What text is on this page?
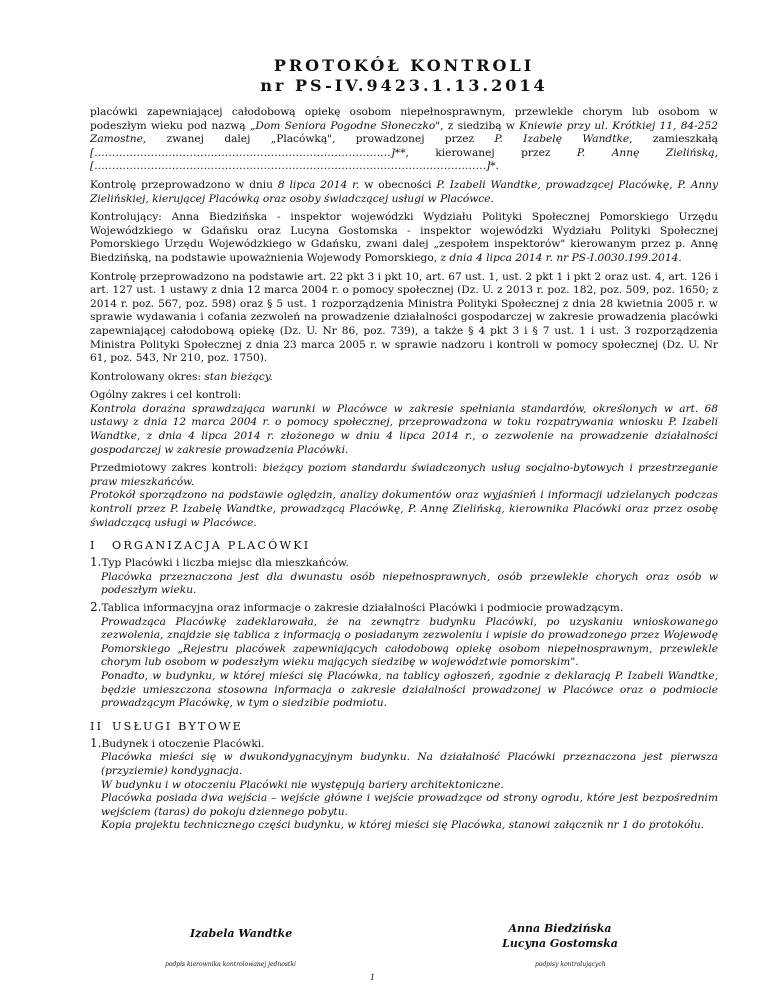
PROTOKÓŁ KONTROLI
nr PS-IV.9423.1.13.2014

placówki zapewniającej całodobową opiekę osobom niepełnosprawnym, przewlekle chorym lub osobom w podeszłym wieku pod nazwą „Dom Seniora Pogodne Słoneczko", z siedzibą w Kniewie przy ul. Krótkiej 11, 84-252 Zamostne, zwanej dalej „Placówką", prowadzonej przez P. Izabelę Wandtke, zamieszkałą […………………………………………………………………………]**, kierowanej przez P. Annę Zielińską, […………………………………………………………………………………………………]*.

Kontrolę przeprowadzono w dniu 8 lipca 2014 r. w obecności P. Izabeli Wandtke, prowadzącej Placówkę, P. Anny Zielińskiej, kierującej Placówką oraz osoby świadczącej usługi w Placówce.

Kontrolujący: Anna Biedzińska - inspektor wojewódzki Wydziału Polityki Społecznej Pomorskiego Urzędu Wojewódzkiego w Gdańsku oraz Lucyna Gostomska - inspektor wojewódzki Wydziału Polityki Społecznej Pomorskiego Urzędu Wojewódzkiego w Gdańsku, zwani dalej „zespołem inspektorów" kierowanym przez p. Annę Biedzińską, na podstawie upoważnienia Wojewody Pomorskiego, z dnia 4 lipca 2014 r. nr PS-I.0030.199.2014.

Kontrolę przeprowadzono na podstawie art. 22 pkt 3 i pkt 10, art. 67 ust. 1, ust. 2 pkt 1 i pkt 2 oraz ust. 4, art. 126 i art. 127 ust. 1 ustawy z dnia 12 marca 2004 r. o pomocy społecznej (Dz. U. z 2013 r. poz. 182, poz. 509, poz. 1650; z 2014 r. poz. 567, poz. 598) oraz § 5 ust. 1 rozporządzenia Ministra Polityki Społecznej z dnia 28 kwietnia 2005 r. w sprawie wydawania i cofania zezwoleń na prowadzenie działalności gospodarczej w zakresie prowadzenia placówki zapewniającej całodobową opiekę (Dz. U. Nr 86, poz. 739), a także § 4 pkt 3 i § 7 ust. 1 i ust. 3 rozporządzenia Ministra Polityki Społecznej z dnia 23 marca 2005 r. w sprawie nadzoru i kontroli w pomocy społecznej (Dz. U. Nr 61, poz. 543, Nr 210, poz. 1750).

Kontrolowany okres: stan bieżący.

Ogólny zakres i cel kontroli:

Kontrola doraźna sprawdzająca warunki w Placówce w zakresie spełniania standardów, określonych w art. 68 ustawy z dnia 12 marca 2004 r. o pomocy społecznej, przeprowadzona w toku rozpatrywania wniosku P. Izabeli Wandtke, z dnia 4 lipca 2014 r. złożonego w dniu 4 lipca 2014 r., o zezwolenie na prowadzenie działalności gospodarczej w zakresie prowadzenia Placówki.

Przedmiotowy zakres kontroli: bieżący poziom standardu świadczonych usług socjalno-bytowych i przestrzeganie praw mieszkańców.

Protokół sporządzono na podstawie oględzin, analizy dokumentów oraz wyjaśnień i informacji udzielanych podczas kontroli przez P. Izabelę Wandtke, prowadzącą Placówkę, P. Annę Zielińską, kierownika Placówki oraz przez osobę świadczącą usługi w Placówce.

I ORGANIZACJA PLACÓWKI

1.Typ Placówki i liczba miejsc dla mieszkańców.

Placówka przeznaczona jest dla dwunastu osób niepełnosprawnych, osób przewlekle chorych oraz osób w podeszłym wieku.

2.Tablica informacyjna oraz informacje o zakresie działalności Placówki i podmiocie prowadzącym.

Prowadząca Placówkę zadeklarowała, że na zewnątrz budynku Placówki, po uzyskaniu wnioskowanego zezwolenia, znajdzie się tablica z informacją o posiadanym zezwoleniu i wpisie do prowadzonego przez Wojewodę Pomorskiego „Rejestru placówek zapewniających całodobową opiekę osobom niepełnosprawnym, przewlekle chorym lub osobom w podeszłym wieku mających siedzibę w województwie pomorskim".

Ponadto, w budynku, w której mieści się Placówka, na tablicy ogłoszeń, zgodnie z deklaracją P. Izabeli Wandtke, będzie umieszczona stosowna informacja o zakresie działalności prowadzonej w Placówce oraz o podmiocie prowadzącym Placówkę, w tym o siedzibie podmiotu.

II USŁUGI BYTOWE

1.Budynek i otoczenie Placówki.

Placówka mieści się w dwukondygnacyjnym budynku. Na działalność Placówki przeznaczona jest pierwsza (przyziemie) kondygnacja.

W budynku i w otoczeniu Placówki nie występują bariery architektoniczne.

Placówka posiada dwa wejścia – wejście główne i wejście prowadzące od strony ogrodu, które jest bezpośrednim wejściem (taras) do pokoju dziennego pobytu.

Kopia projektu technicznego części budynku, w której mieści się Placówka, stanowi załącznik nr 1 do protokółu.

Izabela Wandtke	Anna Biedzińska
Lucyna Gostomska
podpis kierownika kontrolowanej jednostki	podpisy kontrolujących
1
